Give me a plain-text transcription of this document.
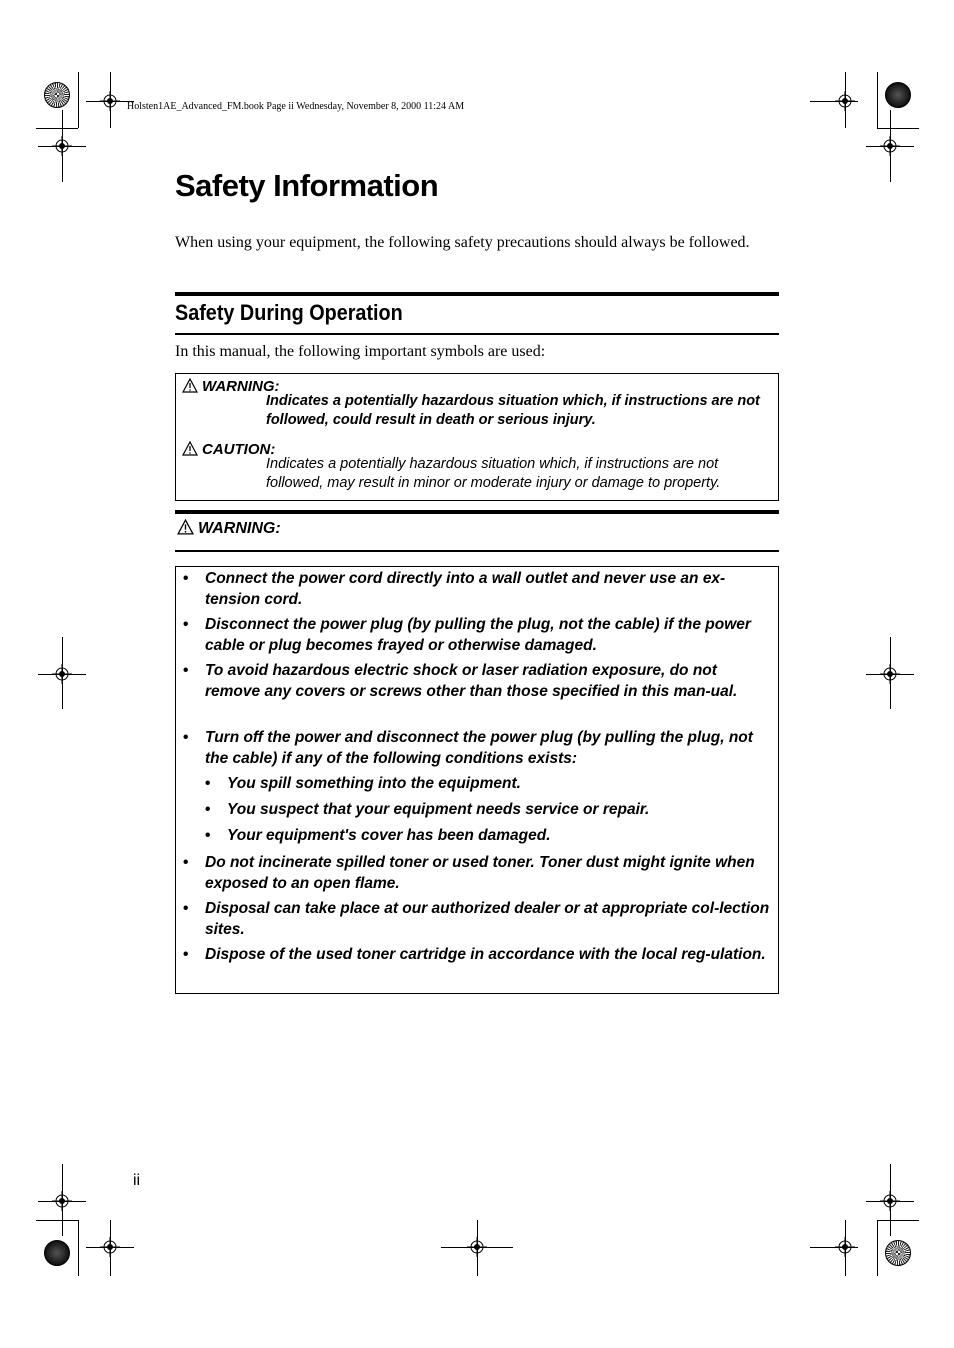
Holsten1AE_Advanced_FM.book Page ii Wednesday, November 8, 2000 11:24 AM
Safety Information
When using your equipment, the following safety precautions should always be followed.
Safety During Operation
In this manual, the following important symbols are used:
WARNING:
Indicates a potentially hazardous situation which, if instructions are not followed, could result in death or serious injury.
CAUTION:
Indicates a potentially hazardous situation which, if instructions are not followed, may result in minor or moderate injury or damage to property.
WARNING:
• Connect the power cord directly into a wall outlet and never use an ex-tension cord.
• Disconnect the power plug (by pulling the plug, not the cable) if the power cable or plug becomes frayed or otherwise damaged.
• To avoid hazardous electric shock or laser radiation exposure, do not remove any covers or screws other than those specified in this man-ual.
• Turn off the power and disconnect the power plug (by pulling the plug, not the cable) if any of the following conditions exists:
• You spill something into the equipment.
• You suspect that your equipment needs service or repair.
• Your equipment's cover has been damaged.
• Do not incinerate spilled toner or used toner. Toner dust might ignite when exposed to an open flame.
• Disposal can take place at our authorized dealer or at appropriate col-lection sites.
• Dispose of the used toner cartridge in accordance with the local reg-ulation.
ii
